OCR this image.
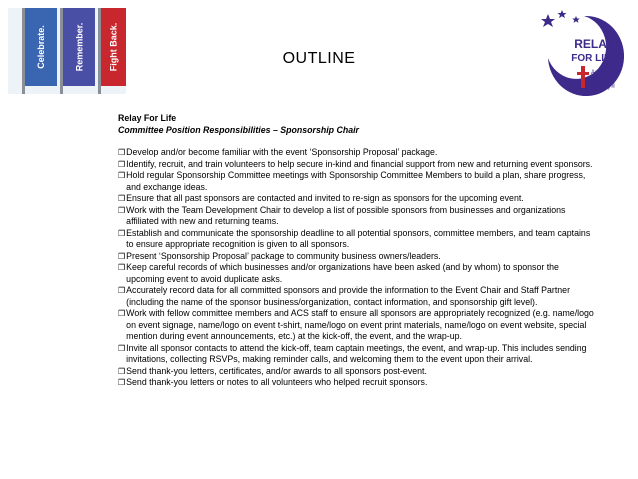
Celebrate.	Remember.	Fight Back.	OUTLINE
RELAY
FOR LIFE
American
Cancer
Society®
Relay For Life
Committee Position Responsibilities – Sponsorship Chair
❒ Develop and/or become familiar with the event ‘Sponsorship Proposal’ package.
❒ Identify, recruit, and train volunteers to help secure in-kind and financial support from new and returning event sponsors.
❒ Hold regular Sponsorship Committee meetings with Sponsorship Committee Members to build a plan, share progress, and exchange ideas.
❒ Ensure that all past sponsors are contacted and invited to re-sign as sponsors for the upcoming event.
❒ Work with the Team Development Chair to develop a list of possible sponsors from businesses and organizations affiliated with new and returning teams.
❒ Establish and communicate the sponsorship deadline to all potential sponsors, committee members, and team captains to ensure appropriate recognition is given to all sponsors.
❒ Present ‘Sponsorship Proposal’ package to community business owners/leaders.
❒ Keep careful records of which businesses and/or organizations have been asked (and by whom) to sponsor the upcoming event to avoid duplicate asks.
❒ Accurately record data for all committed sponsors and provide the information to the Event Chair and Staff Partner (including the name of the sponsor business/organization, contact information, and sponsorship gift level).
❒ Work with fellow committee members and ACS staff to ensure all sponsors are appropriately recognized (e.g. name/logo on event signage, name/logo on event t-shirt, name/logo on event print materials, name/logo on event website, special mention during event announcements, etc.) at the kick-off, the event, and the wrap-up.
❒ Invite all sponsor contacts to attend the kick-off, team captain meetings, the event, and wrap-up. This includes sending invitations, collecting RSVPs, making reminder calls, and welcoming them to the event upon their arrival.
❒ Send thank-you letters, certificates, and/or awards to all sponsors post-event.
❒ Send thank-you letters or notes to all volunteers who helped recruit sponsors.
